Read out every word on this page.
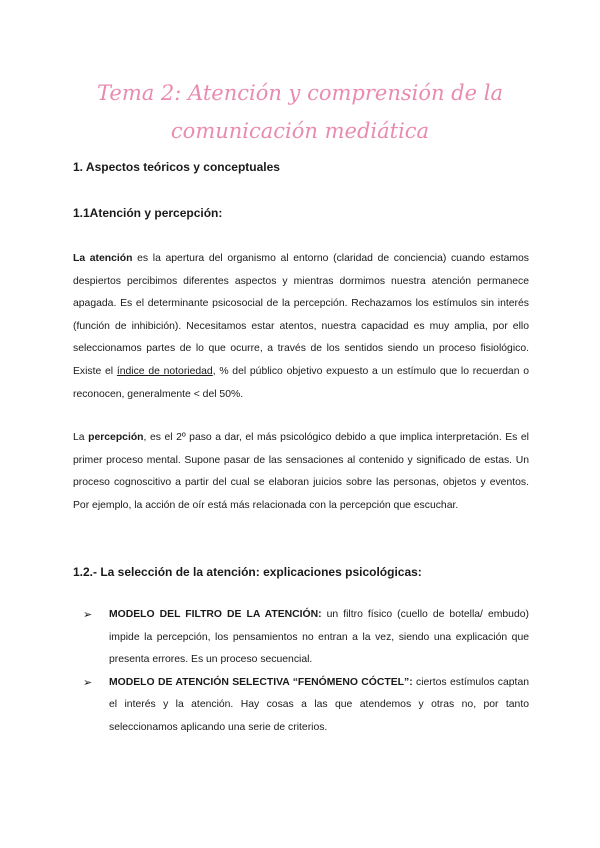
Tema 2: Atención y comprensión de la comunicación mediática

1. Aspectos teóricos y conceptuales

1.1Atención y percepción:

La atención es la apertura del organismo al entorno (claridad de conciencia) cuando estamos despiertos percibimos diferentes aspectos y mientras dormimos nuestra atención permanece apagada. Es el determinante psicosocial de la percepción. Rechazamos los estímulos sin interés (función de inhibición). Necesitamos estar atentos, nuestra capacidad es muy amplia, por ello seleccionamos partes de lo que ocurre, a través de los sentidos siendo un proceso fisiológico. Existe el índice de notoriedad, % del público objetivo expuesto a un estímulo que lo recuerdan o reconocen, generalmente < del 50%.

La percepción, es el 2º paso a dar, el más psicológico debido a que implica interpretación. Es el primer proceso mental. Supone pasar de las sensaciones al contenido y significado de estas. Un proceso cognoscitivo a partir del cual se elaboran juicios sobre las personas, objetos y eventos. Por ejemplo, la acción de oír está más relacionada con la percepción que escuchar.

1.2.- La selección de la atención: explicaciones psicológicas:

➢ MODELO DEL FILTRO DE LA ATENCIÓN: un filtro físico (cuello de botella/ embudo) impide la percepción, los pensamientos no entran a la vez, siendo una explicación que presenta errores. Es un proceso secuencial.
➢ MODELO DE ATENCIÓN SELECTIVA “FENÓMENO CÓCTEL”: ciertos estímulos captan el interés y la atención. Hay cosas a las que atendemos y otras no, por tanto seleccionamos aplicando una serie de criterios.
